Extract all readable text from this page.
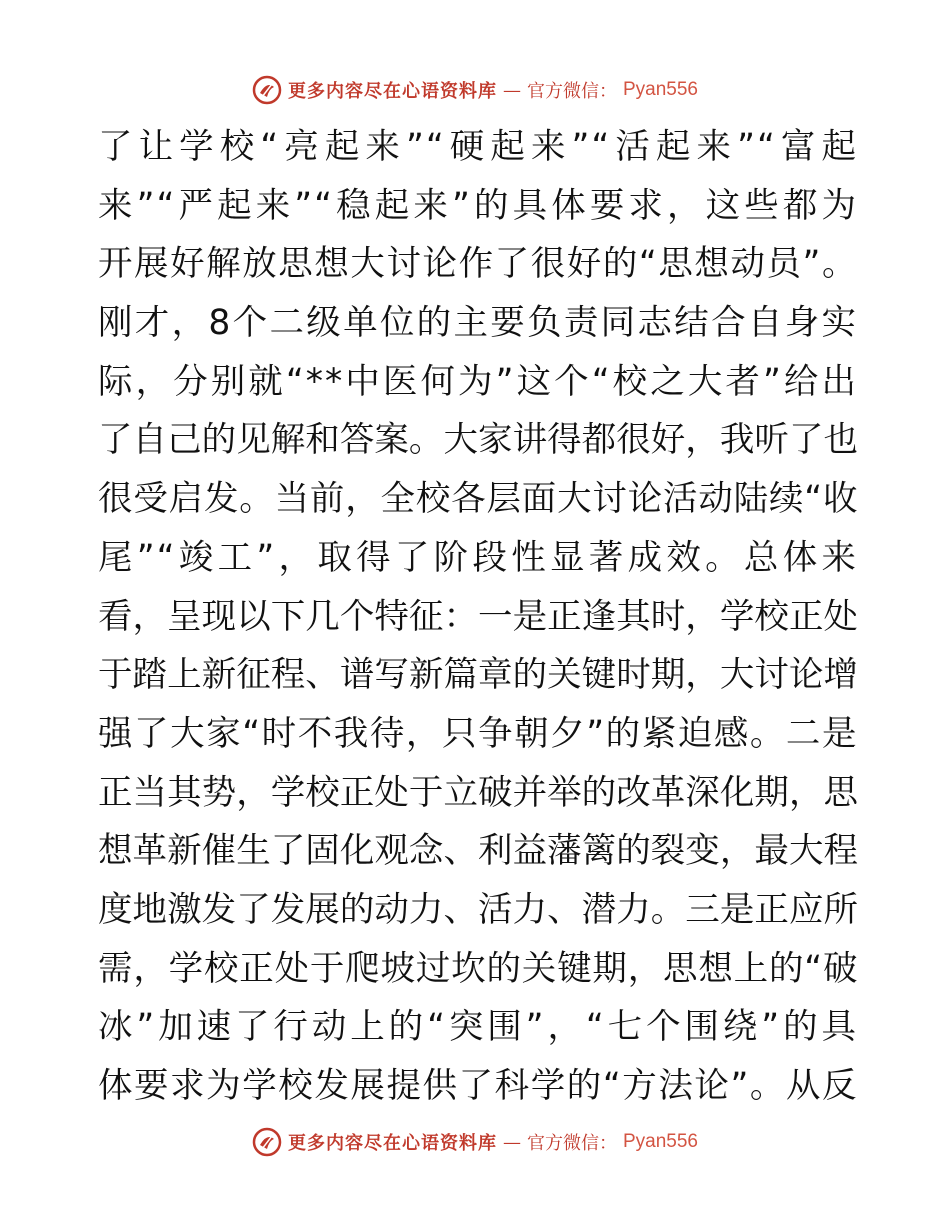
更多内容尽在心语资料库 — 官方微信： Pyan556
了让学校“亮起来”“硬起来”“活起来”“富起
来”“严起来”“稳起来”的具体要求，这些都为
开展好解放思想大讨论作了很好的“思想动员”。
刚才，8个二级单位的主要负责同志结合自身实
际，分别就“**中医何为”这个“校之大者”给出
了自己的见解和答案。大家讲得都很好，我听了也
很受启发。当前，全校各层面大讨论活动陆续“收
尾”“竣工”，取得了阶段性显著成效。总体来
看，呈现以下几个特征：一是正逢其时，学校正处
于踏上新征程、谱写新篇章的关键时期，大讨论增
强了大家“时不我待，只争朝夕”的紧迫感。二是
正当其势，学校正处于立破并举的改革深化期，思
想革新催生了固化观念、利益藩篱的裂变，最大程
度地激发了发展的动力、活力、潜力。三是正应所
需，学校正处于爬坡过坎的关键期，思想上的“破
冰”加速了行动上的“突围”，“七个围绕”的具
体要求为学校发展提供了科学的“方法论”。从反
更多内容尽在心语资料库 — 官方微信： Pyan556
